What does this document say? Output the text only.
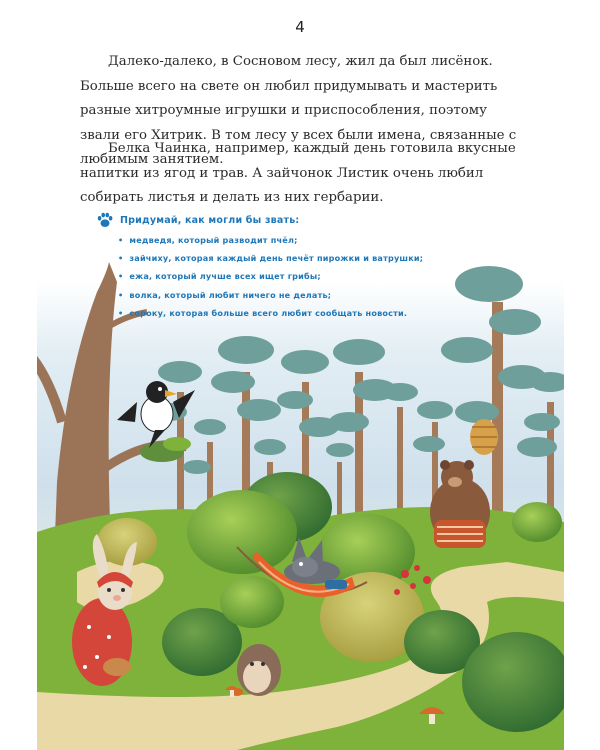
4

Далеко-далеко, в Сосновом лесу, жил да был лисёнок. Больше всего на свете он любил придумывать и мастерить разные хитроумные игрушки и приспособления, поэтому звали его Хитрик. В том лесу у всех были имена, связанные с любимым занятием.

Белка Чаинка, например, каждый день готовила вкусные напитки из ягод и трав. А зайчонок Листик очень любил собирать листья и делать из них гербарии.

Придумай, как могли бы звать:
• медведя, который разводит пчёл;
• зайчиху, которая каждый день печёт пирожки и ватрушки;
• ежа, который лучше всех ищет грибы;
• волка, который любит ничего не делать;
• сороку, которая больше всего любит сообщать новости.
